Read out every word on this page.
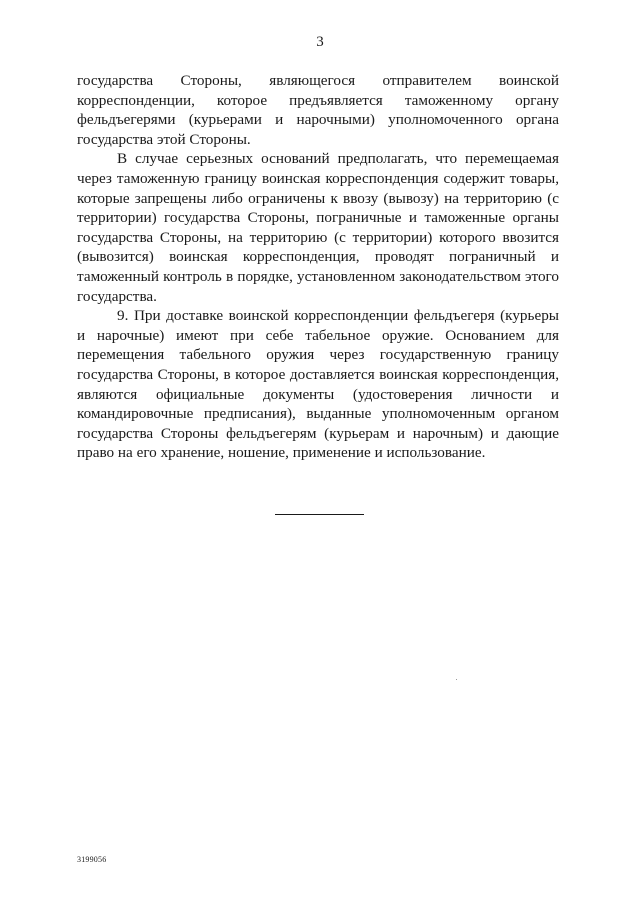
3

государства Стороны, являющегося отправителем воинской корреспонденции, которое предъявляется таможенному органу фельдъегерями (курьерами и нарочными) уполномоченного органа государства этой Стороны.

В случае серьезных оснований предполагать, что перемещаемая через таможенную границу воинская корреспонденция содержит товары, которые запрещены либо ограничены к ввозу (вывозу) на территорию (с территории) государства Стороны, пограничные и таможенные органы государства Стороны, на территорию (с территории) которого ввозится (вывозится) воинская корреспонденция, проводят пограничный и таможенный контроль в порядке, установленном законодательством этого государства.

9. При доставке воинской корреспонденции фельдъегеря (курьеры и нарочные) имеют при себе табельное оружие. Основанием для перемещения табельного оружия через государственную границу государства Стороны, в которое доставляется воинская корреспонденция, являются официальные документы (удостоверения личности и командировочные предписания), выданные уполномоченным органом государства Стороны фельдъегерям (курьерам и нарочным) и дающие право на его хранение, ношение, применение и использование.

3199056
